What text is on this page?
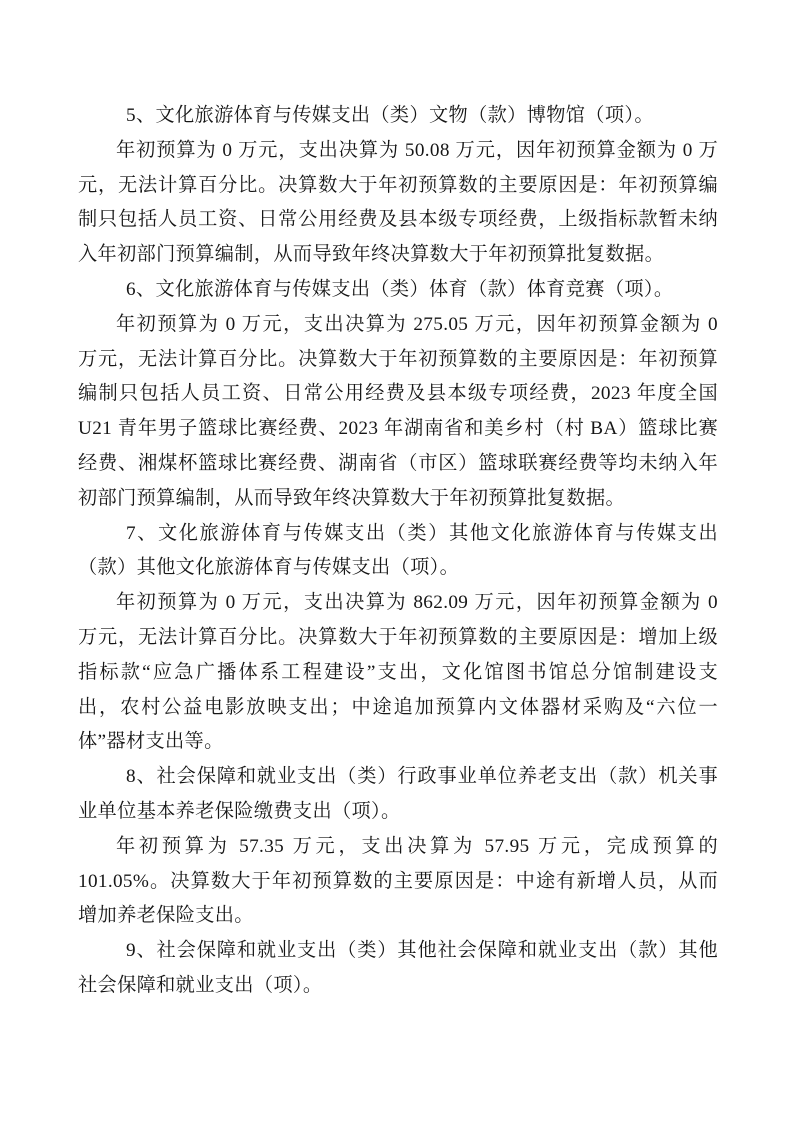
5、文化旅游体育与传媒支出（类）文物（款）博物馆（项）。
年初预算为 0 万元，支出决算为 50.08 万元，因年初预算金额为 0 万
元，无法计算百分比。决算数大于年初预算数的主要原因是：年初预算编
制只包括人员工资、日常公用经费及县本级专项经费，上级指标款暂未纳
入年初部门预算编制，从而导致年终决算数大于年初预算批复数据。
6、文化旅游体育与传媒支出（类）体育（款）体育竞赛（项）。
年初预算为 0 万元，支出决算为 275.05 万元，因年初预算金额为 0
万元，无法计算百分比。决算数大于年初预算数的主要原因是：年初预算
编制只包括人员工资、日常公用经费及县本级专项经费，2023 年度全国
U21 青年男子篮球比赛经费、2023 年湖南省和美乡村（村 BA）篮球比赛
经费、湘煤杯篮球比赛经费、湖南省（市区）篮球联赛经费等均未纳入年
初部门预算编制，从而导致年终决算数大于年初预算批复数据。
7、文化旅游体育与传媒支出（类）其他文化旅游体育与传媒支出
（款）其他文化旅游体育与传媒支出（项）。
年初预算为 0 万元，支出决算为 862.09 万元，因年初预算金额为 0
万元，无法计算百分比。决算数大于年初预算数的主要原因是：增加上级
指标款“应急广播体系工程建设”支出，文化馆图书馆总分馆制建设支
出，农村公益电影放映支出；中途追加预算内文体器材采购及“六位一
体”器材支出等。
8、社会保障和就业支出（类）行政事业单位养老支出（款）机关事
业单位基本养老保险缴费支出（项）。
年初预算为 57.35 万元，支出决算为 57.95 万元，完成预算的
101.05%。决算数大于年初预算数的主要原因是：中途有新增人员，从而
增加养老保险支出。
9、社会保障和就业支出（类）其他社会保障和就业支出（款）其他
社会保障和就业支出（项）。
